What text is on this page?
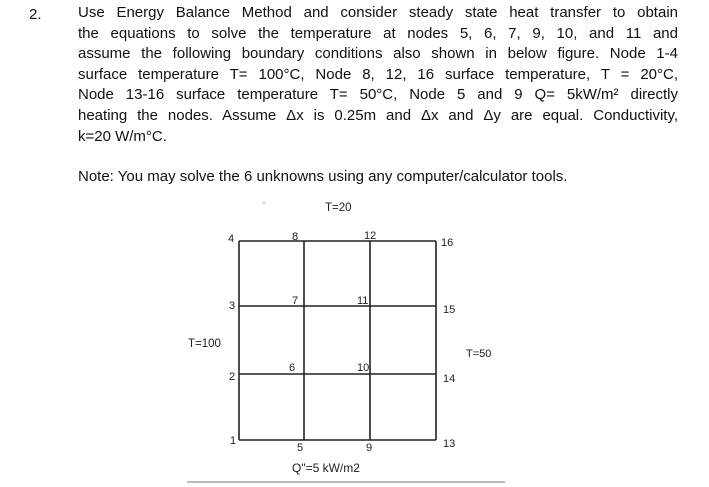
2. Use Energy Balance Method and consider steady state heat transfer to obtain
the equations to solve the temperature at nodes 5, 6, 7, 9, 10, and 11 and
assume the following boundary conditions also shown in below figure. Node 1-4
surface temperature T= 100°C, Node 8, 12, 16 surface temperature, T = 20°C,
Node 13-16 surface temperature T= 50°C, Node 5 and 9 Q= 5kW/m² directly
heating the nodes. Assume Δx is 0.25m and Δx and Δy are equal. Conductivity,
k=20 W/m°C.
Note: You may solve the 6 unknowns using any computer/calculator tools.
T=20
T=100
T=50
Q"=5 kW/m2
4
3
2
1
8
7
6
5
12
11
10
9
16
15
14
13
